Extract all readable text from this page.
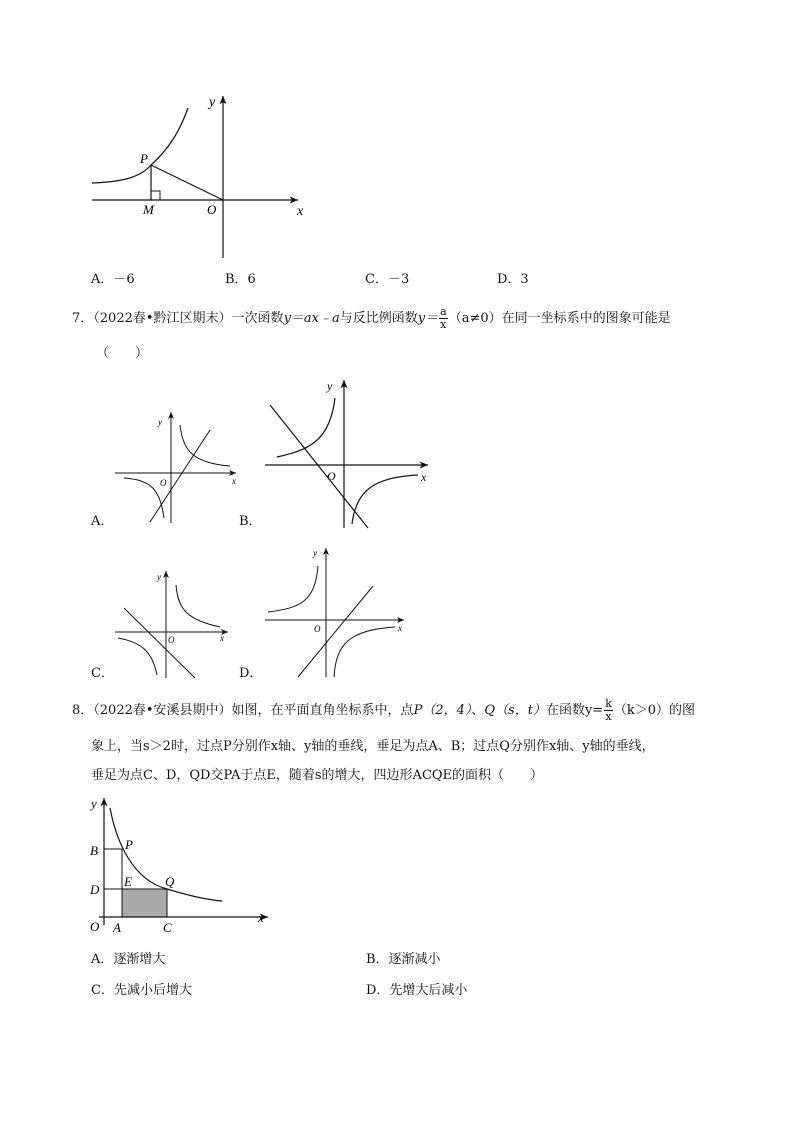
y
x
O
P
M
A．－6	B．6	C．－3	D．3
7．（2022春•黔江区期末）一次函数y＝ax﹣a与反比例函数$y= \frac{a}{x} (a\ne 0)$在同一坐标系中的图象可能是
（　　）
y
x
O
A．
y
x
O
B．
y
x
O
C．
y
x
O
D．
8．（2022春•安溪县期中）如图，在平面直角坐标系中，点P（2，4）、Q（s，t）在函数$y= \frac{k}{x} (k>0)$的图
象上，当s＞2时，过点P分别作x轴、y轴的垂线，垂足为点A、B；过点Q分别作x轴、y轴的垂线，
垂足为点C、D，QD交PA于点E，随着s的增大，四边形ACQE的面积（　　）
y
x
O A	C
B
D
E
P
Q
A．逐渐增大	B．逐渐减小
C．先减小后增大	D．先增大后减小
